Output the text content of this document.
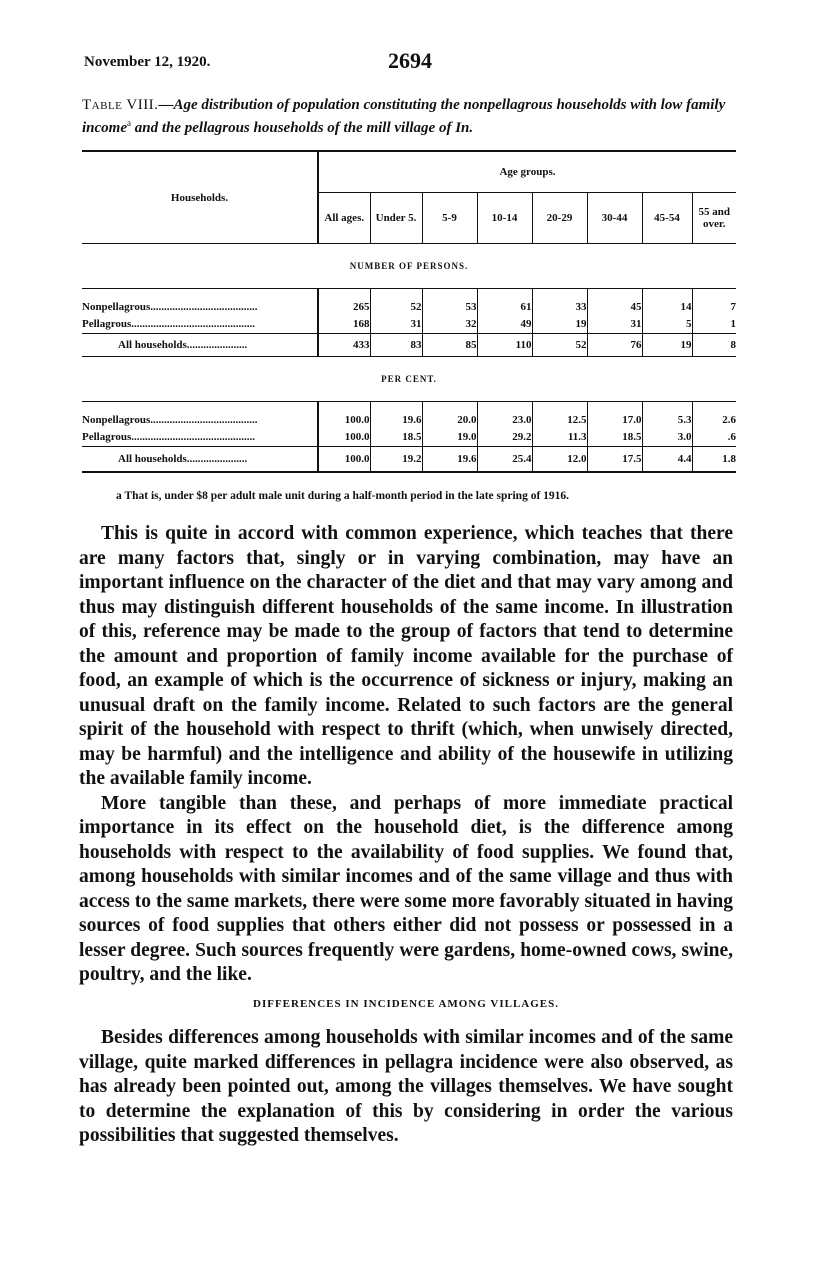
November 12, 1920.	2694
Table VIII.—Age distribution of population constituting the nonpellagrous households with low family income$^a$ and the pellagrous households of the mill village of In.
Households.	Age groups.							
	All ages.	Under 5.	5-9	10-14	20-29	30-44	45-54	55 and over.
NUMBER OF PERSONS.								
Nonpellagrous.......................................	265	52	53	61	33	45	14	7
Pellagrous.............................................	168	31	32	49	19	31	5	1
All households......................	433	83	85	110	52	76	19	8
PER CENT.								
Nonpellagrous.......................................	100.0	19.6	20.0	23.0	12.5	17.0	5.3	2.6
Pellagrous.............................................	100.0	18.5	19.0	29.2	11.3	18.5	3.0	.6
All households......................	100.0	19.2	19.6	25.4	12.0	17.5	4.4	1.8
a That is, under $8 per adult male unit during a half-month period in the late spring of 1916.

This is quite in accord with common experience, which teaches that there are many factors that, singly or in varying combination, may have an important influence on the character of the diet and that may vary among and thus may distinguish different households of the same income. In illustration of this, reference may be made to the group of factors that tend to determine the amount and proportion of family income available for the purchase of food, an example of which is the occurrence of sickness or injury, making an unusual draft on the family income. Related to such factors are the general spirit of the household with respect to thrift (which, when unwisely directed, may be harmful) and the intelligence and ability of the housewife in utilizing the available family income.

More tangible than these, and perhaps of more immediate practical importance in its effect on the household diet, is the difference among households with respect to the availability of food supplies. We found that, among households with similar incomes and of the same village and thus with access to the same markets, there were some more favorably situated in having sources of food supplies that others either did not possess or possessed in a lesser degree. Such sources frequently were gardens, home-owned cows, swine, poultry, and the like.

DIFFERENCES IN INCIDENCE AMONG VILLAGES.

Besides differences among households with similar incomes and of the same village, quite marked differences in pellagra incidence were also observed, as has already been pointed out, among the villages themselves. We have sought to determine the explanation of this by considering in order the various possibilities that suggested themselves.
